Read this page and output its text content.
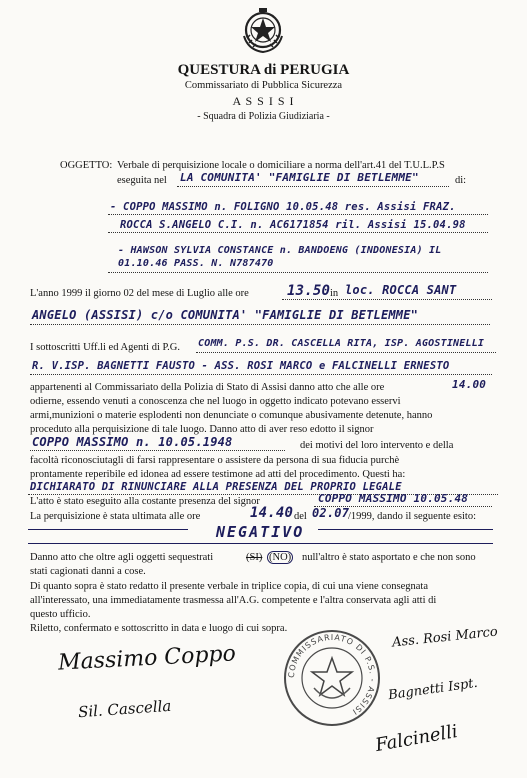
QUESTURA di PERUGIA
Commissariato di Pubblica Sicurezza
A S S I S I
- Squadra di Polizia Giudiziaria -
OGGETTO: Verbale di perquisizione locale o domiciliare a norma dell'art.41 del T.U.L.P.S
eseguita nel LA COMUNITA' "FAMIGLIE DI BETLEMME"	di:
- COPPO MASSIMO n. FOLIGNO 10.05.48 res. Assisi FRAZ.
ROCCA S.ANGELO C.I. n. AC6171854 ril. Assisi 15.04.98
- HAWSON SYLVIA CONSTANCE n. BANDOENG (INDONESIA) IL
01.10.46 PASS. N. N787470
L'anno 1999 il giorno 02 del mese di Luglio alle ore	13.50 in loc. ROCCA SANT
ANGELO (ASSISI) c/o COMUNITA' "FAMIGLIE DI BETLEMME"
I sottoscritti Uff.li ed Agenti di P.G. COMM. P.S. DR. CASCELLA RITA, ISP. AGOSTINELLI
R. V.ISP. BAGNETTI FAUSTO - ASS. ROSI MARCO e FALCINELLI ERNESTO
appartenenti al Commissariato della Polizia di Stato di Assisi danno atto che alle ore	14.00
odierne, essendo venuti a conoscenza che nel luogo in oggetto indicato potevano esservi
armi,munizioni o materie esplodenti non denunciate o comunque abusivamente detenute, hanno
proceduto alla perquisizione di tale luogo. Danno atto di aver reso edotto il signor
COPPO MASSIMO n. 10.05.1948	dei motivi del loro intervento e della
facoltà riconosciutagli di farsi rappresentare o assistere da persona di sua fiducia purchè
prontamente reperibile ed idonea ad essere testimone ad atti del procedimento. Questi ha:
DICHIARATO DI RINUNCIARE ALLA PRESENZA DEL PROPRIO LEGALE
L'atto è stato eseguito alla costante presenza del signor	COPPO MASSIMO 10.05.48
La perquisizione è stata ultimata alle ore	14.40 del 02.07
/1999, dando il seguente esito:
NEGATIVO
Danno atto che oltre agli oggetti sequestrati	(SI) (NO) null'altro è stato asportato e che non sono
stati cagionati danni a cose.
Di quanto sopra è stato redatto il presente verbale in triplice copia, di cui una viene consegnata
all'interessato, una immediatamente trasmessa all'A.G. competente e l'altra conservata agli atti di
questo ufficio.
Riletto, confermato e sottoscritto in data e luogo di cui sopra.
Massimo Coppo
Sil. Cascella
Ass. Rosi Marco
Bagnetti Ispt.
Falcinelli
COMMISSARIATO DI P.S. - ASSISI
